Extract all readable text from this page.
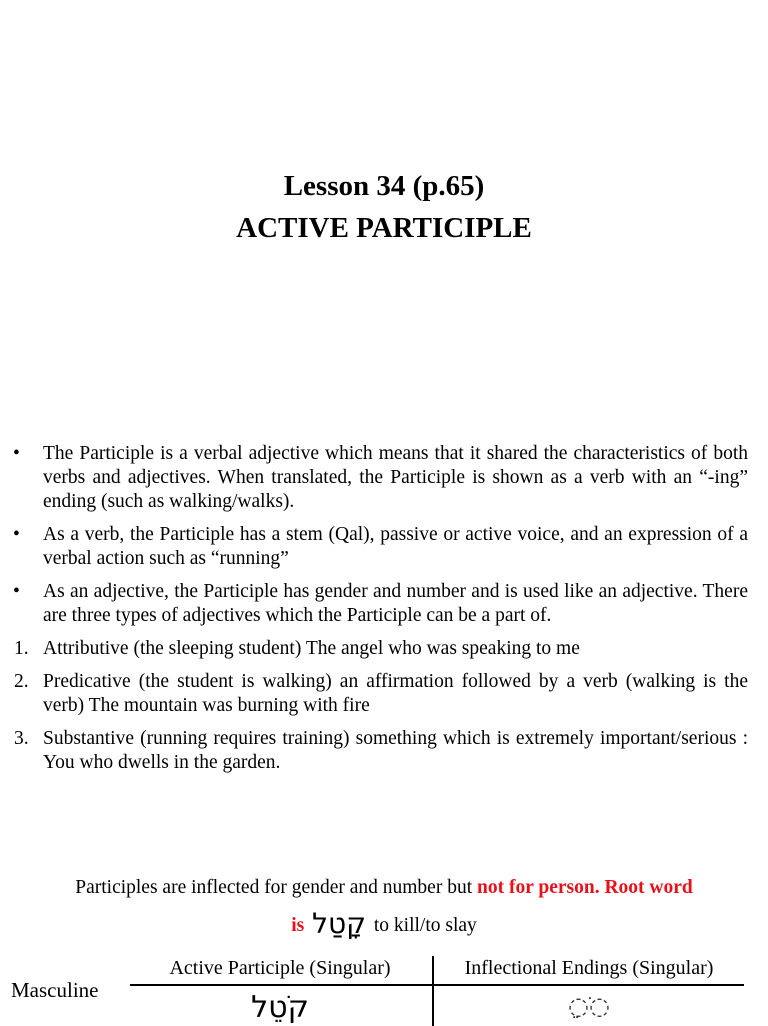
Lesson 34 (p.65)
ACTIVE PARTICIPLE
• The Participle is a verbal adjective which means that it shared the characteristics of both verbs and adjectives. When translated, the Participle is shown as a verb with an “-ing” ending (such as walking/walks).
• As a verb, the Participle has a stem (Qal), passive or active voice, and an expression of a verbal action such as “running”
• As an adjective, the Participle has gender and number and is used like an adjective. There are three types of adjectives which the Participle can be a part of.
1. Attributive (the sleeping student) The angel who was speaking to me
2. Predicative (the student is walking) an affirmation followed by a verb (walking is the verb) The mountain was burning with fire
3. Substantive (running requires training) something which is extremely important/serious : You who dwells in the garden.
Participles are inflected for gender and number but not for person. Root word
is קָטַל to kill/to slay
Masculine
Active Participle (Singular)	Inflectional Endings (Singular)
קֹטֵל	◌ֹ◌ֵ
